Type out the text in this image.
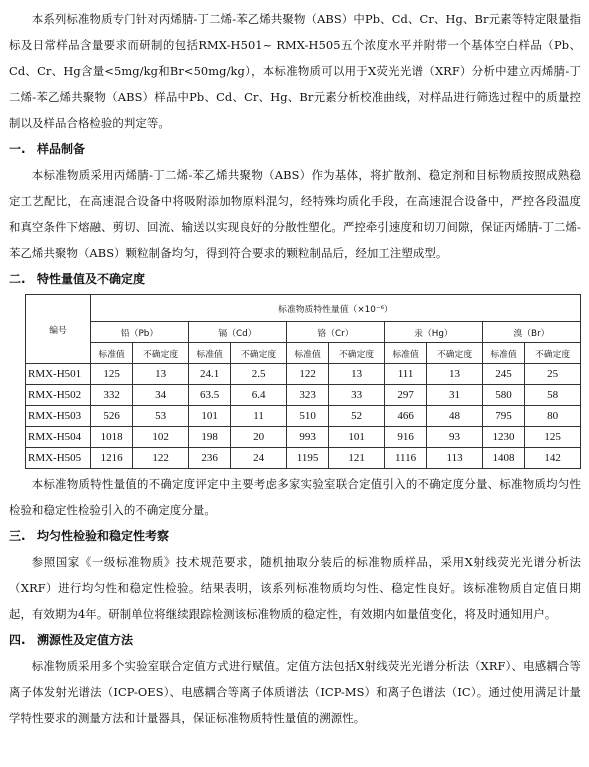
本系列标准物质专门针对丙烯腈-丁二烯-苯乙烯共聚物（ABS）中Pb、Cd、Cr、Hg、Br元素等特定限量指标及日常样品含量要求而研制的包括RMX-H501~ RMX-H505五个浓度水平并附带一个基体空白样品（Pb、Cd、Cr、Hg含量<5mg/kg和Br<50mg/kg），本标准物质可以用于X荧光光谱（XRF）分析中建立丙烯腈-丁二烯-苯乙烯共聚物（ABS）样品中Pb、Cd、Cr、Hg、Br元素分析校准曲线，对样品进行筛选过程中的质量控制以及样品合格检验的判定等。

一. 样品制备

本标准物质采用丙烯腈-丁二烯-苯乙烯共聚物（ABS）作为基体，将扩散剂、稳定剂和目标物质按照成熟稳定工艺配比，在高速混合设备中将吸附添加物原料混匀，经特殊均质化手段，在高速混合设备中，严控各段温度和真空条件下熔融、剪切、回流、输送以实现良好的分散性塑化。严控牵引速度和切刀间隙，保证丙烯腈-丁二烯-苯乙烯共聚物（ABS）颗粒制备均匀，得到符合要求的颗粒制品后，经加工注塑成型。

二. 特性量值及不确定度
编号	标准物质特性量值（×10⁻⁶）									
	铅（Pb）		镉（Cd）		铬（Cr）		汞（Hg）		溴（Br）	
	标准值	不确定度	标准值	不确定度	标准值	不确定度	标准值	不确定度	标准值	不确定度
RMX-H501	125	13	24.1	2.5	122	13	111	13	245	25
RMX-H502	332	34	63.5	6.4	323	33	297	31	580	58
RMX-H503	526	53	101	11	510	52	466	48	795	80
RMX-H504	1018	102	198	20	993	101	916	93	1230	125
RMX-H505	1216	122	236	24	1195	121	1116	113	1408	142

本标准物质特性量值的不确定度评定中主要考虑多家实验室联合定值引入的不确定度分量、标准物质均匀性检验和稳定性检验引入的不确定度分量。

三. 均匀性检验和稳定性考察

参照国家《一级标准物质》技术规范要求，随机抽取分装后的标准物质样品，采用X射线荧光光谱分析法（XRF）进行均匀性和稳定性检验。结果表明，该系列标准物质均匀性、稳定性良好。该标准物质自定值日期起，有效期为4年。研制单位将继续跟踪检测该标准物质的稳定性，有效期内如量值变化，将及时通知用户。

四. 溯源性及定值方法

标准物质采用多个实验室联合定值方式进行赋值。定值方法包括X射线荧光光谱分析法（XRF）、电感耦合等离子体发射光谱法（ICP-OES）、电感耦合等离子体质谱法（ICP-MS）和离子色谱法（IC）。通过使用满足计量学特性要求的测量方法和计量器具，保证标准物质特性量值的溯源性。
